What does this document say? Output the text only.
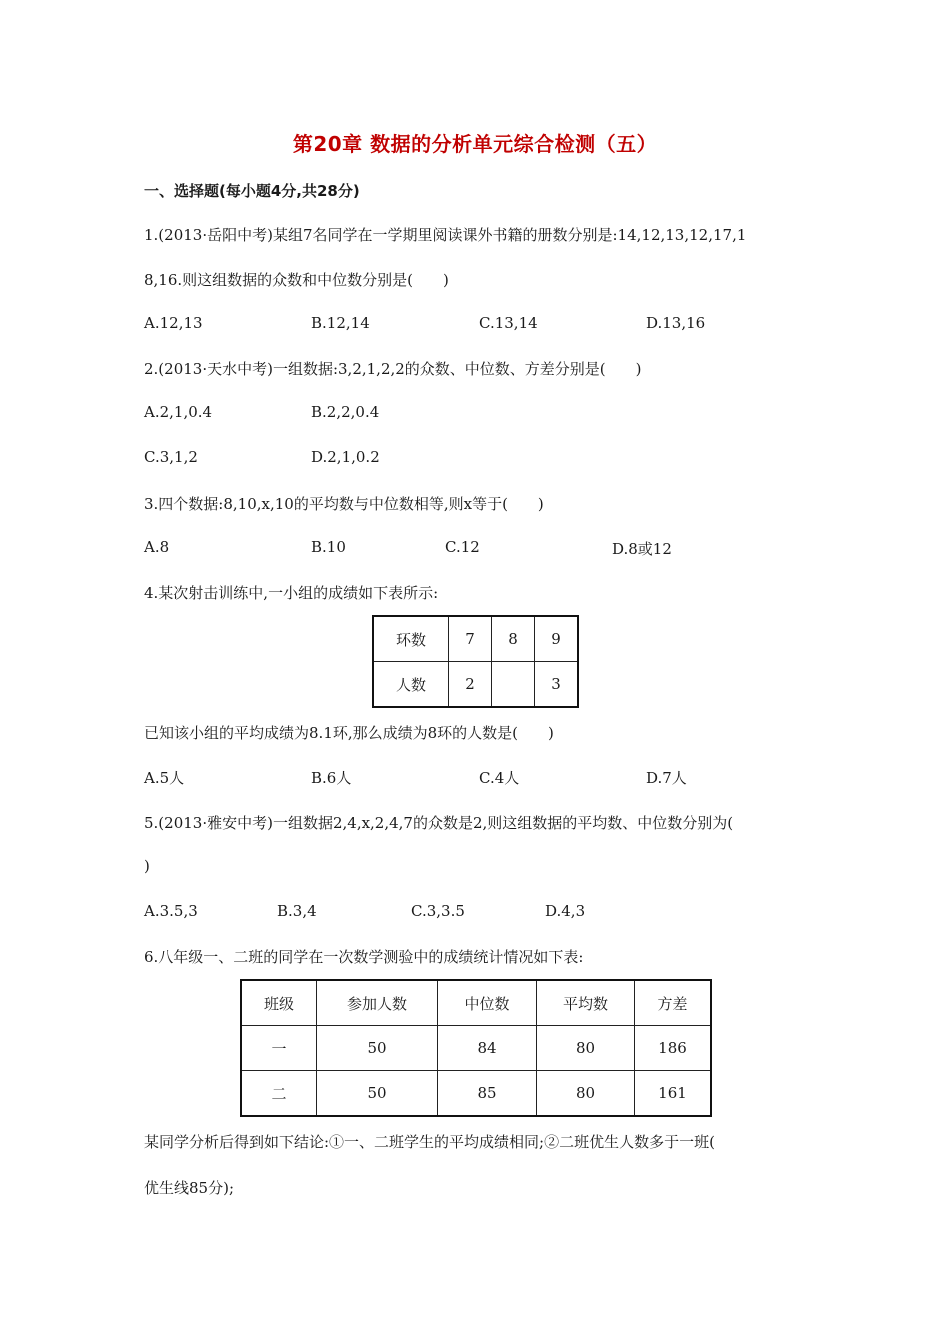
第20章 数据的分析单元综合检测（五）
一、选择题(每小题4分,共28分)
1.(2013·岳阳中考)某组7名同学在一学期里阅读课外书籍的册数分别是:14,12,13,12,17,1
8,16.则这组数据的众数和中位数分别是(　　)
A.12,13	B.12,14	C.13,14	D.13,16
2.(2013·天水中考)一组数据:3,2,1,2,2的众数、中位数、方差分别是(　　)
A.2,1,0.4	B.2,2,0.4
C.3,1,2	D.2,1,0.2
3.四个数据:8,10,x,10的平均数与中位数相等,则x等于(　　)
A.8	B.10	C.12	D.8或12
4.某次射击训练中,一小组的成绩如下表所示:
环数	7	8	9
人数	2		3
已知该小组的平均成绩为8.1环,那么成绩为8环的人数是(　　)
A.5人	B.6人	C.4人	D.7人
5.(2013·雅安中考)一组数据2,4,x,2,4,7的众数是2,则这组数据的平均数、中位数分别为(
)
A.3.5,3	B.3,4	C.3,3.5	D.4,3
6.八年级一、二班的同学在一次数学测验中的成绩统计情况如下表:
班级	参加人数	中位数	平均数	方差
一	50	84	80	186
二	50	85	80	161
某同学分析后得到如下结论:①一、二班学生的平均成绩相同;②二班优生人数多于一班(
优生线85分);
